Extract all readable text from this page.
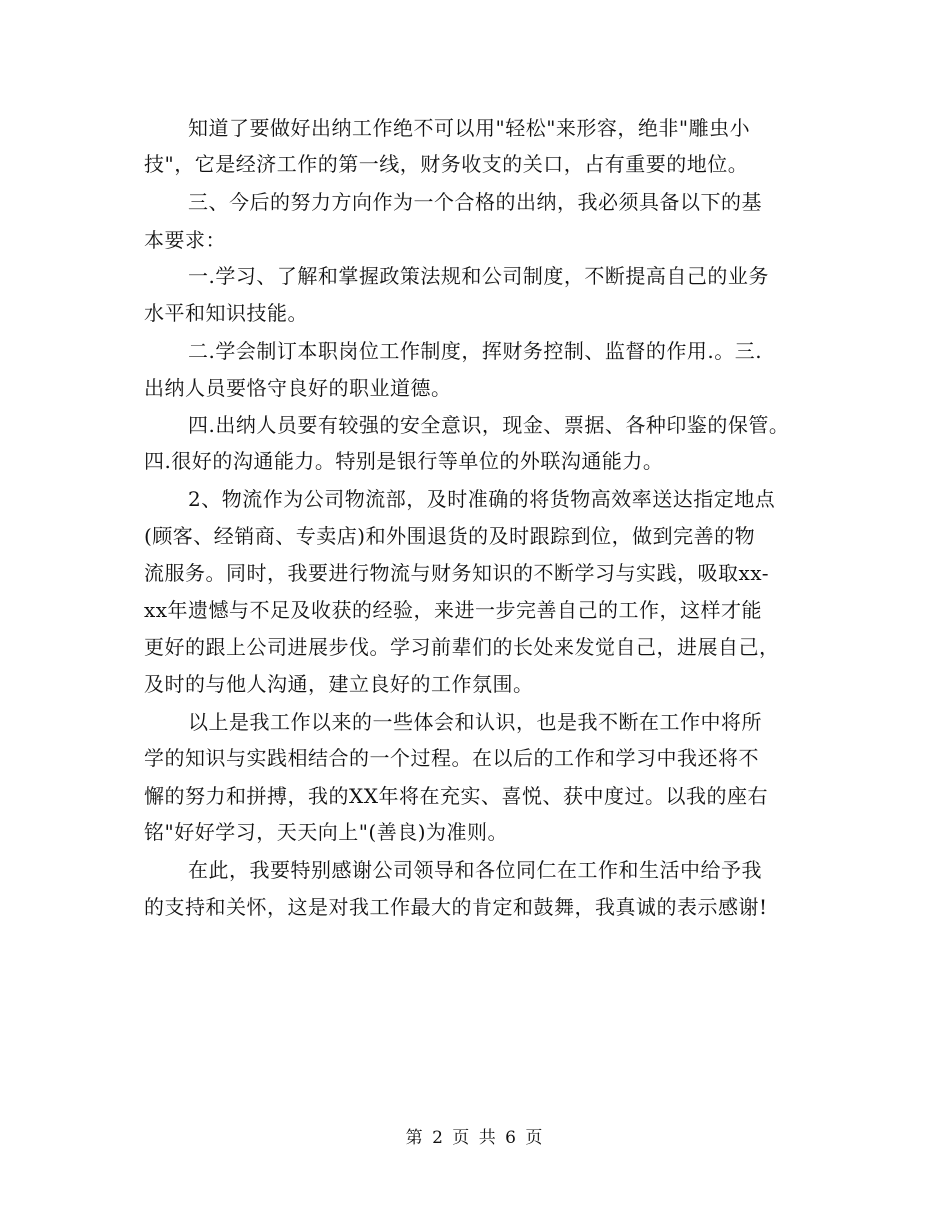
知道了要做好出纳工作绝不可以用"轻松"来形容，绝非"雕虫小
技"，它是经济工作的第一线，财务收支的关口，占有重要的地位。
三、今后的努力方向作为一个合格的出纳，我必须具备以下的基
本要求：
一.学习、了解和掌握政策法规和公司制度，不断提高自己的业务
水平和知识技能。
二.学会制订本职岗位工作制度，挥财务控制、监督的作用.。三.
出纳人员要恪守良好的职业道德。
四.出纳人员要有较强的安全意识，现金、票据、各种印鉴的保管。
四.很好的沟通能力。特别是银行等单位的外联沟通能力。
2、物流作为公司物流部，及时准确的将货物高效率送达指定地点
(顾客、经销商、专卖店)和外围退货的及时跟踪到位，做到完善的物
流服务。同时，我要进行物流与财务知识的不断学习与实践，吸取xx-
xx年遗憾与不足及收获的经验，来进一步完善自己的工作，这样才能
更好的跟上公司进展步伐。学习前辈们的长处来发觉自己，进展自己，
及时的与他人沟通，建立良好的工作氛围。
以上是我工作以来的一些体会和认识，也是我不断在工作中将所
学的知识与实践相结合的一个过程。在以后的工作和学习中我还将不
懈的努力和拼搏，我的XX年将在充实、喜悦、获中度过。以我的座右
铭"好好学习，天天向上"(善良)为准则。
在此，我要特别感谢公司领导和各位同仁在工作和生活中给予我
的支持和关怀，这是对我工作最大的肯定和鼓舞，我真诚的表示感谢!
第 2 页 共 6 页
